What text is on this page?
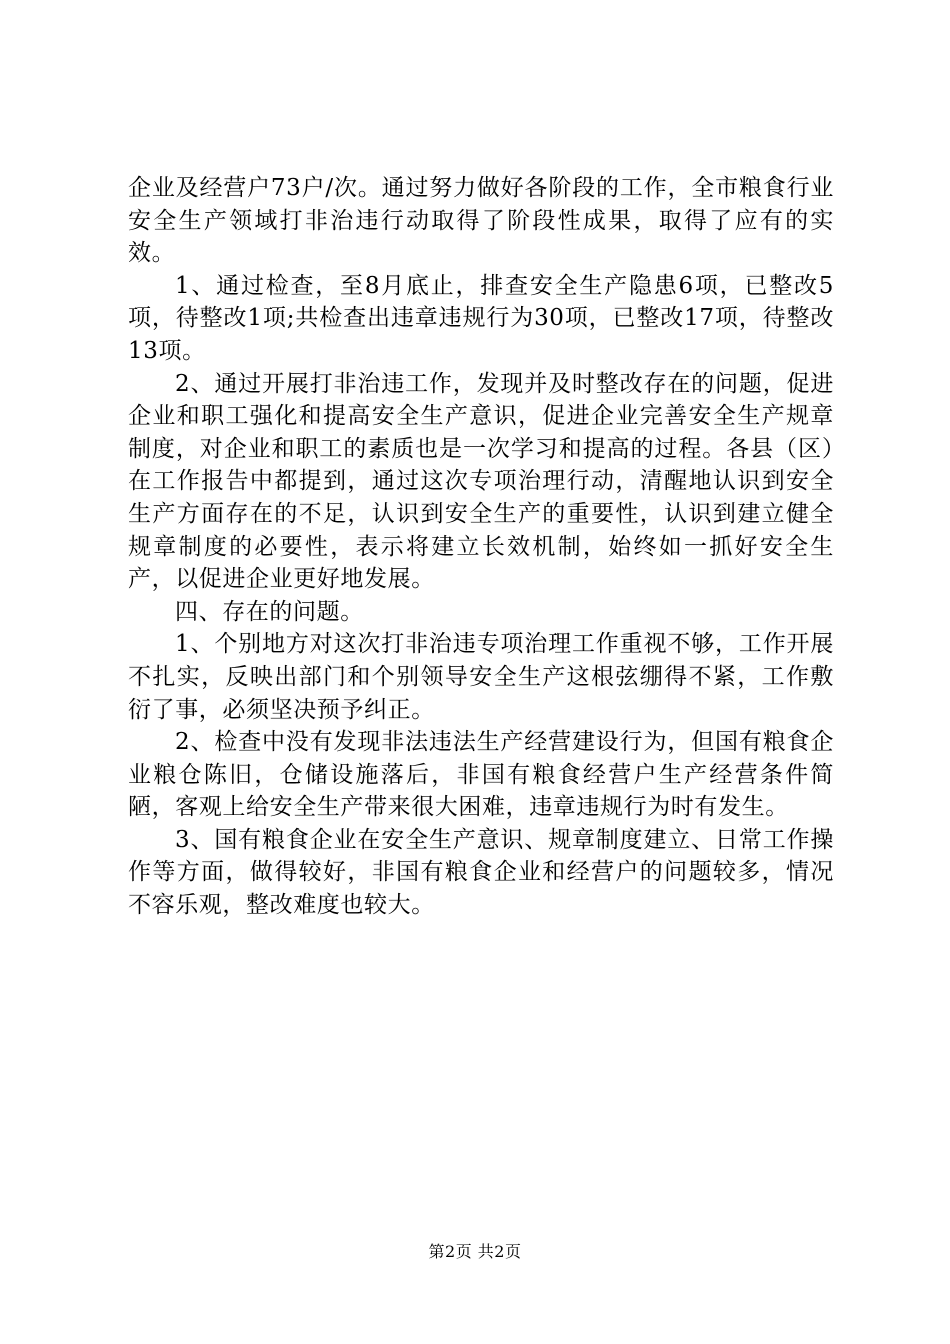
企业及经营户73户/次。通过努力做好各阶段的工作，全市粮食行业安全生产领域打非治违行动取得了阶段性成果，取得了应有的实效。

1、通过检查，至8月底止，排查安全生产隐患6项，已整改5项，待整改1项;共检查出违章违规行为30项，已整改17项，待整改13项。

2、通过开展打非治违工作，发现并及时整改存在的问题，促进企业和职工强化和提高安全生产意识，促进企业完善安全生产规章制度，对企业和职工的素质也是一次学习和提高的过程。各县（区）在工作报告中都提到，通过这次专项治理行动，清醒地认识到安全生产方面存在的不足，认识到安全生产的重要性，认识到建立健全规章制度的必要性，表示将建立长效机制，始终如一抓好安全生产，以促进企业更好地发展。

四、存在的问题。

1、个别地方对这次打非治违专项治理工作重视不够，工作开展不扎实，反映出部门和个别领导安全生产这根弦绷得不紧，工作敷衍了事，必须坚决预予纠正。

2、检查中没有发现非法违法生产经营建设行为，但国有粮食企业粮仓陈旧，仓储设施落后，非国有粮食经营户生产经营条件简陋，客观上给安全生产带来很大困难，违章违规行为时有发生。

3、国有粮食企业在安全生产意识、规章制度建立、日常工作操作等方面，做得较好，非国有粮食企业和经营户的问题较多，情况不容乐观，整改难度也较大。

第2页 共2页
